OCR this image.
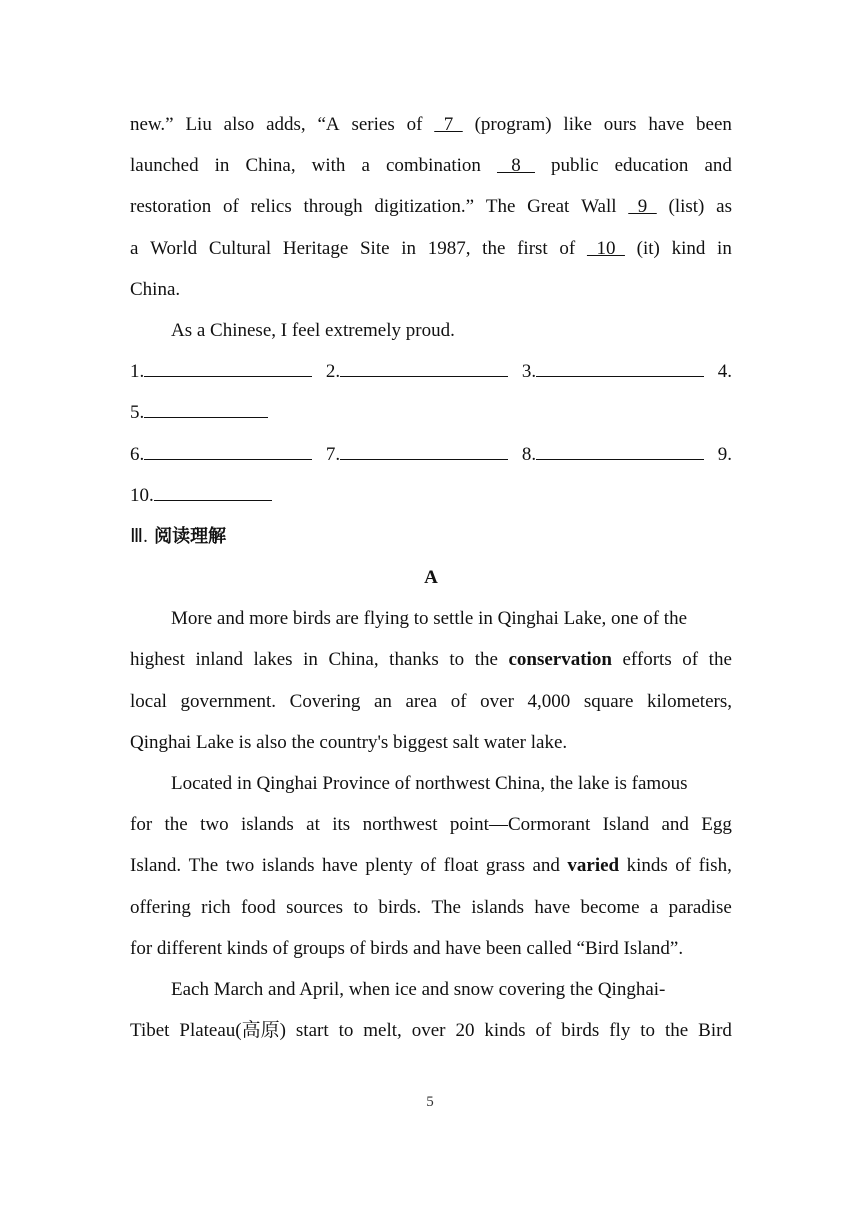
new.” Liu also adds, “A series of 7 (program) like ours have been
launched in China, with a combination 8 public education and
restoration of relics through digitization.” The Great Wall 9 (list) as
a World Cultural Heritage Site in 1987, the first of 10 (it) kind in
China.
As a Chinese, I feel extremely proud.
1.	2.	3.	4.
5.
6.	7.	8.	9.
10.
Ⅲ. 阅读理解
A
More and more birds are flying to settle in Qinghai Lake, one of the
highest inland lakes in China, thanks to the conservation efforts of the
local government. Covering an area of over 4,000 square kilometers,
Qinghai Lake is also the country's biggest salt water lake.
Located in Qinghai Province of northwest China, the lake is famous
for the two islands at its northwest point—Cormorant Island and Egg
Island. The two islands have plenty of float grass and varied kinds of fish,
offering rich food sources to birds. The islands have become a paradise
for different kinds of groups of birds and have been called “Bird Island”.
Each March and April, when ice and snow covering the Qinghai-
Tibet Plateau(高原) start to melt, over 20 kinds of birds fly to the Bird
5
